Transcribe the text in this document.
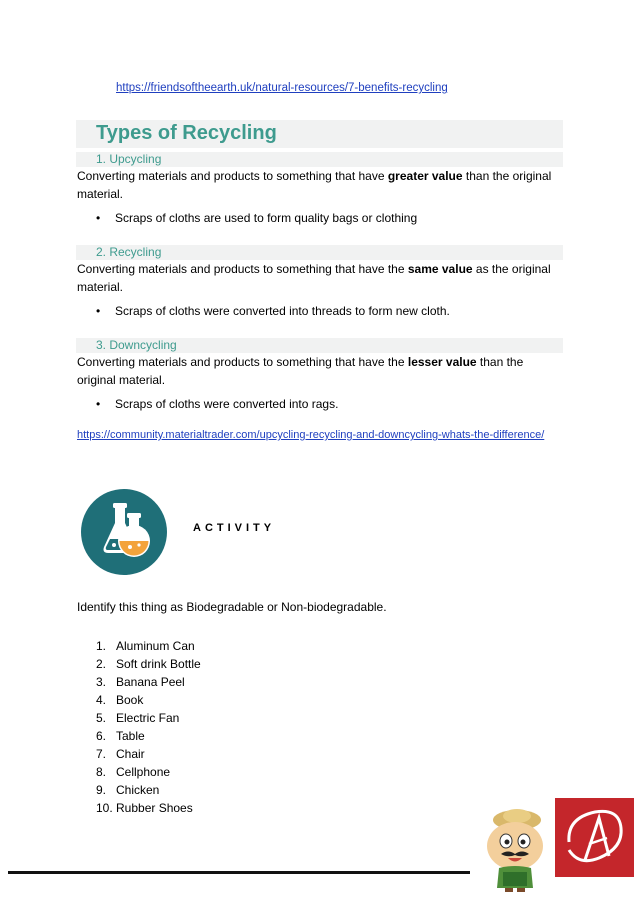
https://friendsoftheearth.uk/natural-resources/7-benefits-recycling
Types of Recycling
1. Upcycling
Converting materials and products to something that have greater value than the original material.
• Scraps of cloths are used to form quality bags or clothing
2. Recycling
Converting materials and products to something that have the same value as the original material.
• Scraps of cloths were converted into threads to form new cloth.
3. Downcycling
Converting materials and products to something that have the lesser value than the original material.
• Scraps of cloths were converted into rags.
https://community.materialtrader.com/upcycling-recycling-and-downcycling-whats-the-difference/
ACTIVITY
Identify this thing as Biodegradable or Non-biodegradable.
1. Aluminum Can
2. Soft drink Bottle
3. Banana Peel
4. Book
5. Electric Fan
6. Table
7. Chair
8. Cellphone
9. Chicken
10. Rubber Shoes
